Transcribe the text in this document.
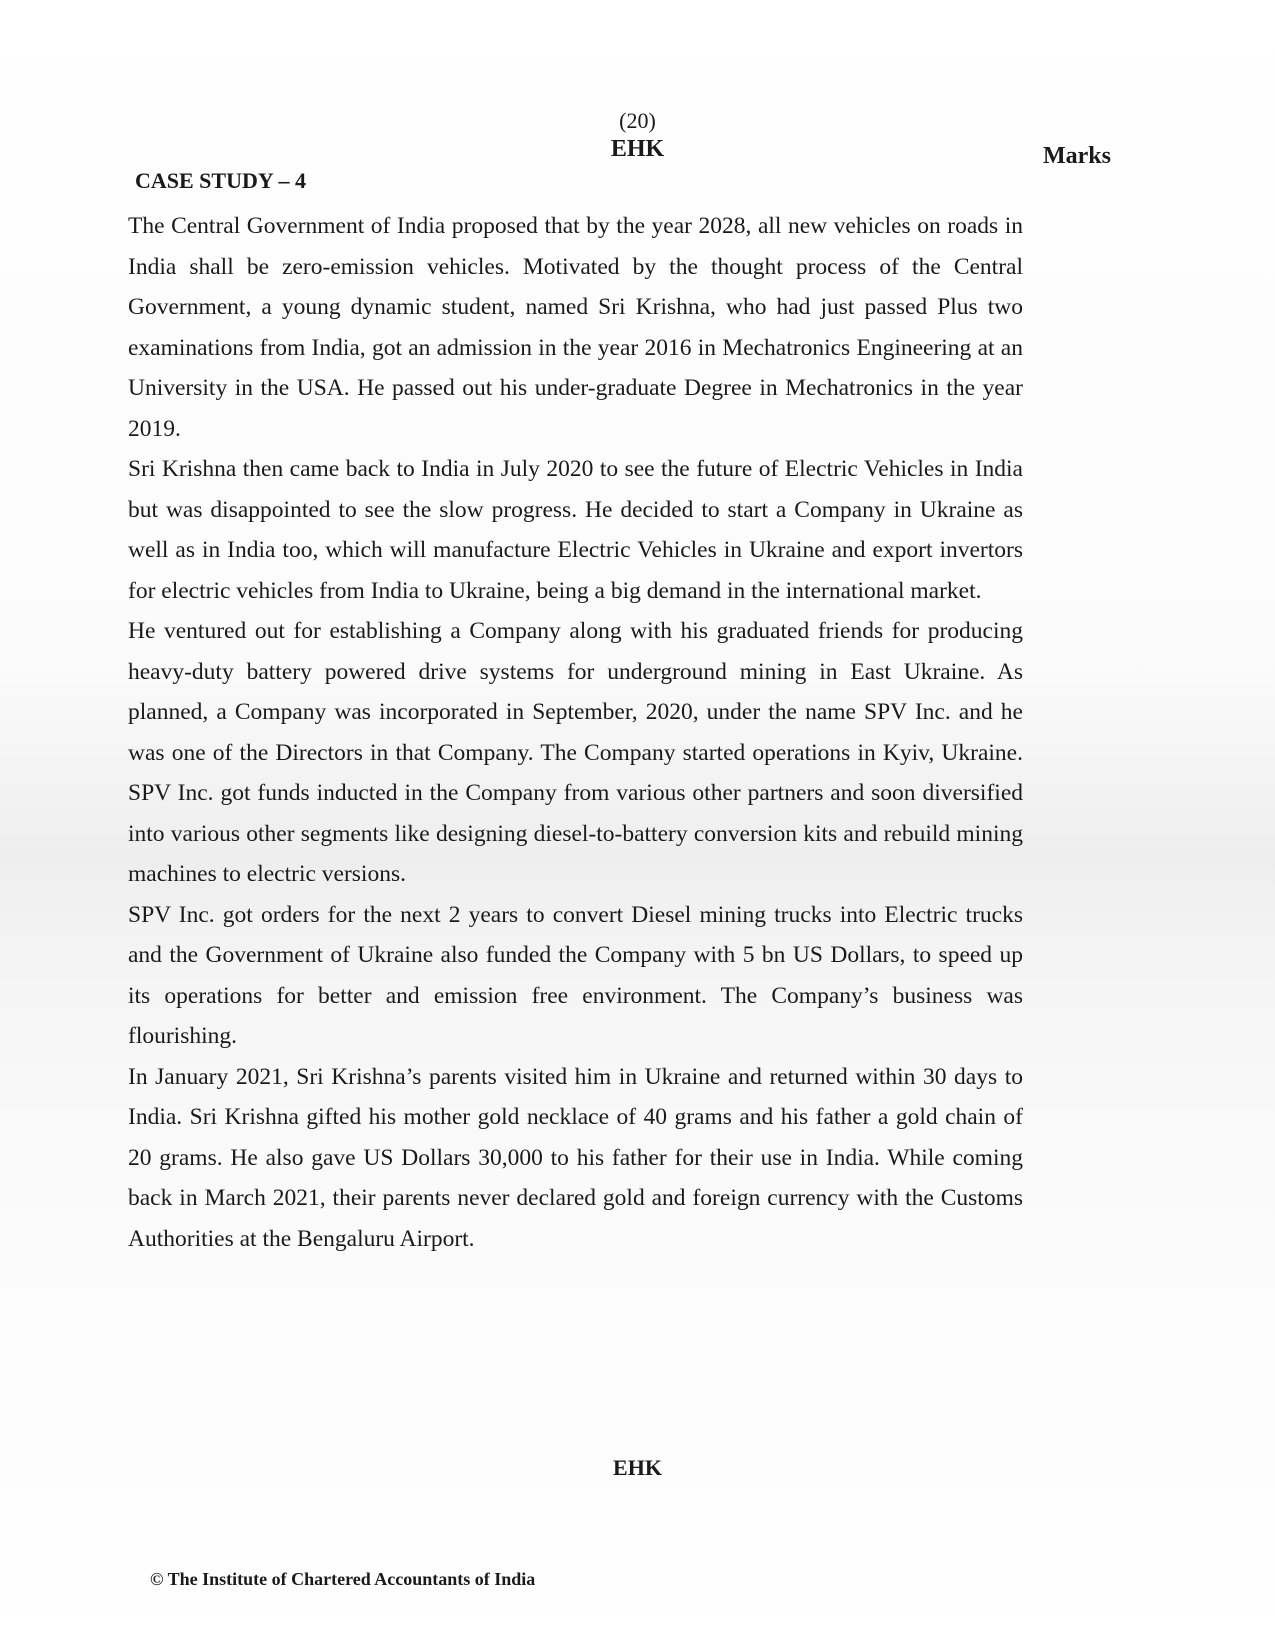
(20)
EHK	Marks
CASE STUDY – 4

The Central Government of India proposed that by the year 2028, all new vehicles on roads in India shall be zero-emission vehicles. Motivated by the thought process of the Central Government, a young dynamic student, named Sri Krishna, who had just passed Plus two examinations from India, got an admission in the year 2016 in Mechatronics Engineering at an University in the USA. He passed out his under-graduate Degree in Mechatronics in the year 2019.

Sri Krishna then came back to India in July 2020 to see the future of Electric Vehicles in India but was disappointed to see the slow progress. He decided to start a Company in Ukraine as well as in India too, which will manufacture Electric Vehicles in Ukraine and export invertors for electric vehicles from India to Ukraine, being a big demand in the international market.

He ventured out for establishing a Company along with his graduated friends for producing heavy-duty battery powered drive systems for underground mining in East Ukraine. As planned, a Company was incorporated in September, 2020, under the name SPV Inc. and he was one of the Directors in that Company. The Company started operations in Kyiv, Ukraine. SPV Inc. got funds inducted in the Company from various other partners and soon diversified into various other segments like designing diesel-to-battery conversion kits and rebuild mining machines to electric versions.

SPV Inc. got orders for the next 2 years to convert Diesel mining trucks into Electric trucks and the Government of Ukraine also funded the Company with 5 bn US Dollars, to speed up its operations for better and emission free environment. The Company’s business was flourishing.

In January 2021, Sri Krishna’s parents visited him in Ukraine and returned within 30 days to India. Sri Krishna gifted his mother gold necklace of 40 grams and his father a gold chain of 20 grams. He also gave US Dollars 30,000 to his father for their use in India. While coming back in March 2021, their parents never declared gold and foreign currency with the Customs Authorities at the Bengaluru Airport.

EHK
© The Institute of Chartered Accountants of India
